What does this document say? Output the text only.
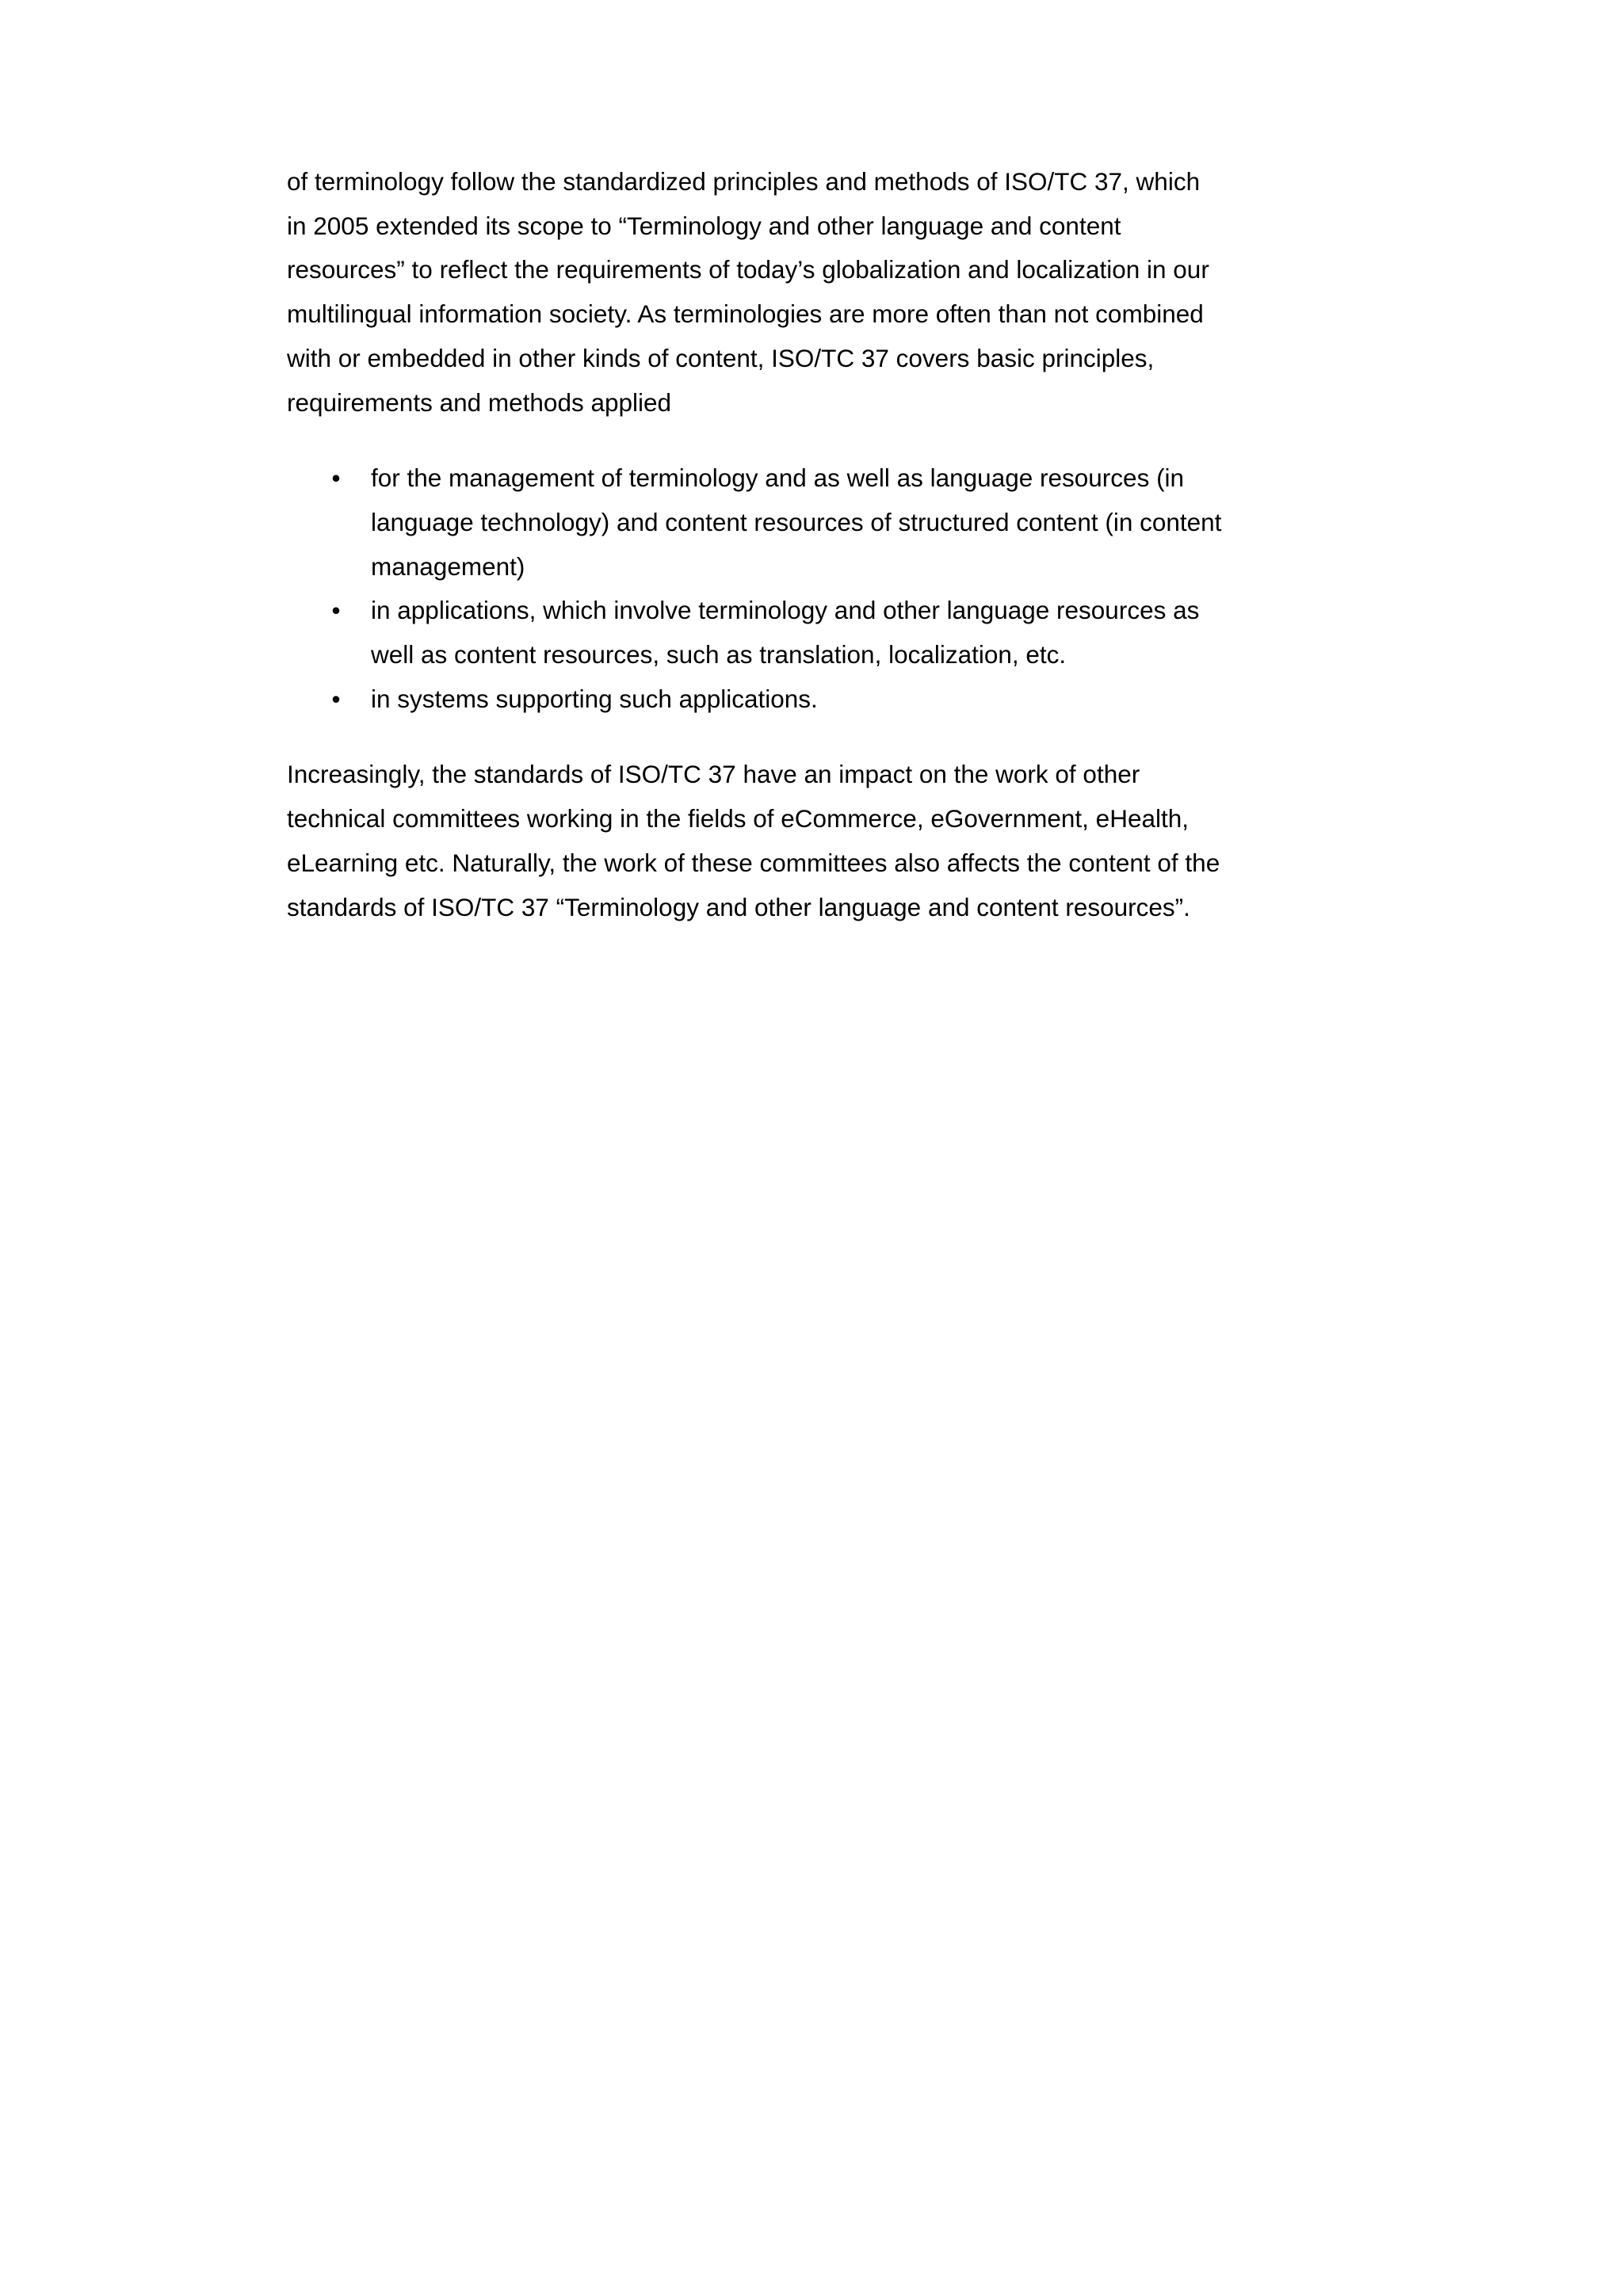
of terminology follow the standardized principles and methods of ISO/TC 37, which in 2005 extended its scope to “Terminology and other language and content resources” to reflect the requirements of today’s globalization and localization in our multilingual information society. As terminologies are more often than not combined with or embedded in other kinds of content, ISO/TC 37 covers basic principles, requirements and methods applied

• for the management of terminology and as well as language resources (in language technology) and content resources of structured content (in content management)
• in applications, which involve terminology and other language resources as well as content resources, such as translation, localization, etc.
• in systems supporting such applications.

Increasingly, the standards of ISO/TC 37 have an impact on the work of other technical committees working in the fields of eCommerce, eGovernment, eHealth, eLearning etc. Naturally, the work of these committees also affects the content of the standards of ISO/TC 37 “Terminology and other language and content resources”.
